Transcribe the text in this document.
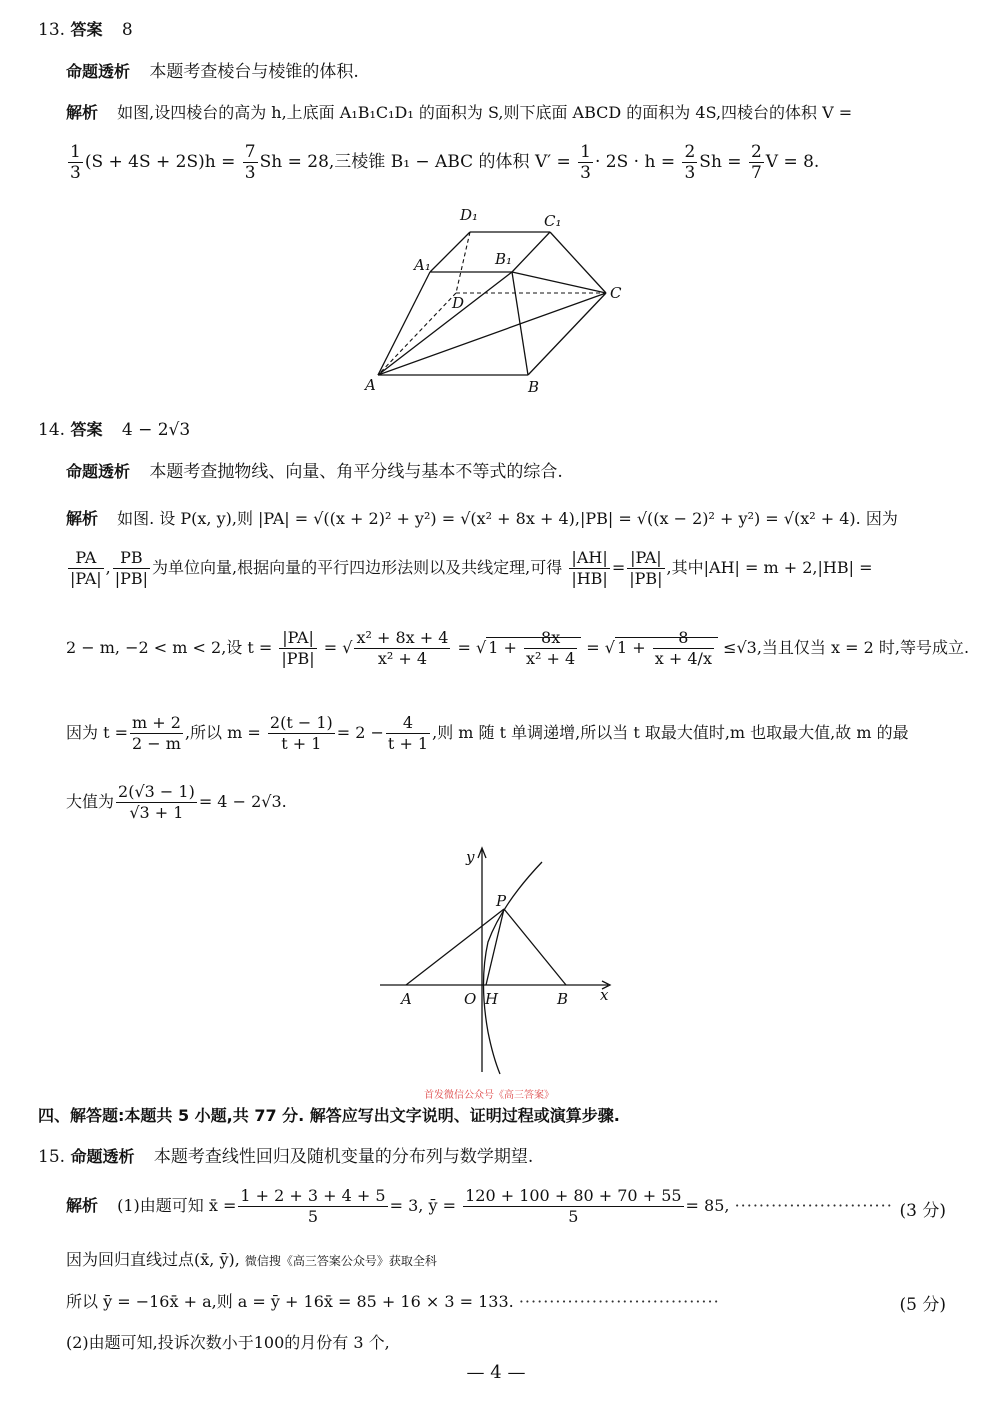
13. 答案 8
命题透析 本题考查棱台与棱锥的体积.
解析 如图,设四棱台的高为 h,上底面 A₁B₁C₁D₁ 的面积为 S,则下底面 ABCD 的面积为 4S,四棱台的体积 V =
$\frac{1}{3} (S + 4S + 2S)h = \frac{7}{3}$ Sh = 28,三棱锥 B₁ − ABC 的体积 $V' = \frac{1}{3} \cdot 2S \cdot h = \frac{2}{3}$ $Sh = \frac{2}{7}$ V = 8.
D₁	C₁
A₁	B₁
D
C
A	B
14. 答案 4 − 2√3
命题透析 本题考查抛物线、向量、角平分线与基本不等式的综合.
解析 如图. 设 P(x, y),则 |PA| = √((x + 2)² + y²) = √(x² + 8x + 4),|PB| = √((x − 2)² + y²) = √(x² + 4). 因为
$\frac{PA}{|PA|}$ , $\frac{PB}{|PB|}$ 为单位向量,根据向量的平行四边形法则以及共线定理,可得 $\frac{|AH|}{|HB|} = \frac{|PA|}{|PB|}$ ,其中|AH| = m + 2,|HB| =
2 − m, −2 < m < 2,设 $t = \frac{|PA|}{|PB|}$ = √ $\frac{\text{x² + 8x + 4}}{\text{x² + 4}}$ = √ $1 + \frac{8x}{\text{x² + 4}}$ = √ $1 + \frac{8}{x + 4/x} \le√3$,当且仅当 x = 2 时,等号成立.
因为 $t = \frac{m + 2}{2 - m}$ ,所以 $m = \frac{2(t - 1)}{t + 1} = 2 - \frac{4}{t + 1}$ ,则 m 随 t 单调递增,所以当 t 取最大值时,m 也取最大值,故 m 的最
大值为 $\frac{2(√3 - 1)}{√3 + 1} = 4 - 2√3$.
y
P
A	O H	B x
首发微信公众号《高三答案》
四、解答题:本题共 5 小题,共 77 分. 解答应写出文字说明、证明过程或演算步骤.
15. 命题透析 本题考查线性回归及随机变量的分布列与数学期望.
解析 (1)由题可知 x̄ = $\frac{1 + 2 + 3 + 4 + 5}{5} = 3$, ȳ = $\frac{120 + 100 + 80 + 70 + 55}{5} = 85$, ·························· (3 分)
因为回归直线过点(x̄, ȳ), 微信搜《高三答案公众号》获取全科
所以 ȳ = −16x̄ + a,则 a = ȳ + 16x̄ = 85 + 16 × 3 = 133. ·································	(5 分)
(2)由题可知,投诉次数小于100的月份有 3 个,
— 4 —
